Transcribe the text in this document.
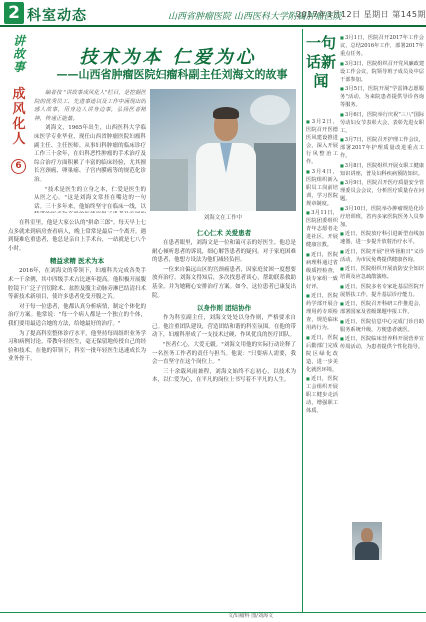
2 科室动态	山西省肿瘤医院 山西医科大学附属肿瘤医院
2017年3月12日 星期日 第145期
讲故事
成风化人
6
技术为本 仁爱为心
——山西省肿瘤医院妇瘤科副主任刘海文的故事

编者按 "讲故事成风化人"栏目，是挖掘医院的优秀员工、先进事迹以及工作中涌现出的感人故事，用身边人讲身边事，弘扬医者精神，传递正能量。

刘海文，1965年出生，山西医科大学临床医学专业毕业，现任山西省肿瘤医院妇瘤科副主任、主任医师。从事妇科肿瘤的临床诊疗工作三十余年，在妇科恶性肿瘤的手术治疗及综合治疗方面积累了丰富的临床经验，尤其擅长宫颈癌、卵巢癌、子宫内膜癌等的规范化诊治。

"技术是医生的立身之本，仁爱是医生的从医之心。"这是刘海文常挂在嘴边的一句话。三十多年来，他始终坚守在临床一线，以

刘海文在工作中

在科室里，他是大家公认的"拼命三郎"。每天早上七点多就来到病房查看病人，晚上常常是最后一个离开。遇到疑难危重患者，他总是亲自上手术台，一站就是七八个小时。

精益求精 医术为本

2016年，在刘海文的带领下，妇瘤科共完成各类手术一千余例，其中四级手术占比逐年提高。他积极开展腹腔镜下广泛子宫切除术、盆腔及腹主动脉旁淋巴结清扫术等新技术新项目，使许多患者免受开腹之苦。

对于每一位患者，他都认真分析病情，制定个体化的治疗方案。他常说："每一个病人都是一个独立的个体，我们要用最适合她的方法，给她最好的治疗。"

为了提高科室整体诊疗水平，他坚持每周组织业务学习和病例讨论，带教年轻医生，毫无保留地传授自己的经验和技术。在他的带领下，科室一批年轻医生迅速成长为业务骨干。

仁心仁术 关爱患者

在患者眼里，刘海文是一位和蔼可亲的好医生。他总是耐心倾听患者的诉说，细心解答患者的疑问。对于家庭困难的患者，他想方设法为他们减轻负担。

一位来自偏远山区的宫颈癌患者，因家庭贫困一度想要放弃治疗。刘海文得知后，多次找患者谈心，帮助联系救助基金，并为她精心安排治疗方案。如今，这位患者已康复出院。

以身作则 团结协作

作为科室副主任，刘海文处处以身作则，严格要求自己。他注重团队建设，营造团结和谐的科室氛围。在他的带动下，妇瘤科形成了一支技术过硬、作风优良的医疗团队。

"医者仁心，大爱无疆。"刘海文用他的实际行动诠释了一名医务工作者的责任与担当。他说："只要病人需要，我会一直坚守在这个岗位上。"

三十余载风雨兼程，刘海文始终不忘初心，以技术为本，以仁爱为心，在平凡的岗位上书写着不平凡的人生。

文/妇瘤科 图/刘海文
一句话新闻

■ 3月2日，医院召开医德医风建设推进会，深入开展行风整治工作。

■ 3月4日，医院组织新入职员工岗前培训，学习医院规章制度。

■ 3月11日，医院团委组织青年志愿者走进社区，开展健康宣教。

■ 近日，医院病理科通过省级质控检查，获专家组一致好评。

■ 近日，医院药学部开展合理用药专项检查，规范临床用药行为。

■ 近日，医院后勤部门完成院区绿化改造，进一步美化就医环境。

■ 近日，医院工会组织开展职工健步走活动，增强职工体质。

■ 3月1日，医院召开2017年工作会议，总结2016年工作，部署2017年重点任务。

■ 3月3日，医院组织召开党风廉政建设工作会议，院领导班子成员及中层干部参加。

■ 3月5日，医院开展"学雷锋志愿服务"活动，为来院患者提供导诊咨询等服务。

■ 3月6日，医院举行庆祝"三八"国际劳动妇女节表彰大会，表彰先进女职工。

■ 3月7日，医院召开护理工作会议，部署2017年护理质量改进重点工作。

■ 3月8日，医院组织开展女职工健康知识讲座，普及妇科疾病预防知识。

■ 3月9日，医院召开医疗质量安全管理委员会会议，分析医疗质量存在问题。

■ 3月10日，医院举办肿瘤规范化诊疗培训班，省内多家医院医务人员参加。

■ 近日，医院放疗科引进新型直线加速器，进一步提升放射治疗水平。

■ 近日，医院开展"世界肾脏日"义诊活动，为市民免费提供健康咨询。

■ 近日，医院组织开展消防安全知识培训及应急疏散演练。

■ 近日，医院多名专家赴基层医院开展帮扶工作，提升基层诊疗能力。

■ 近日，医院召开科研工作推进会，部署国家及省级课题申报工作。

■ 近日，医院信息中心完成门诊自助服务系统升级，方便患者就医。

■ 近日，医院临床营养科开展营养宣传周活动，为患者提供个性化指导。
